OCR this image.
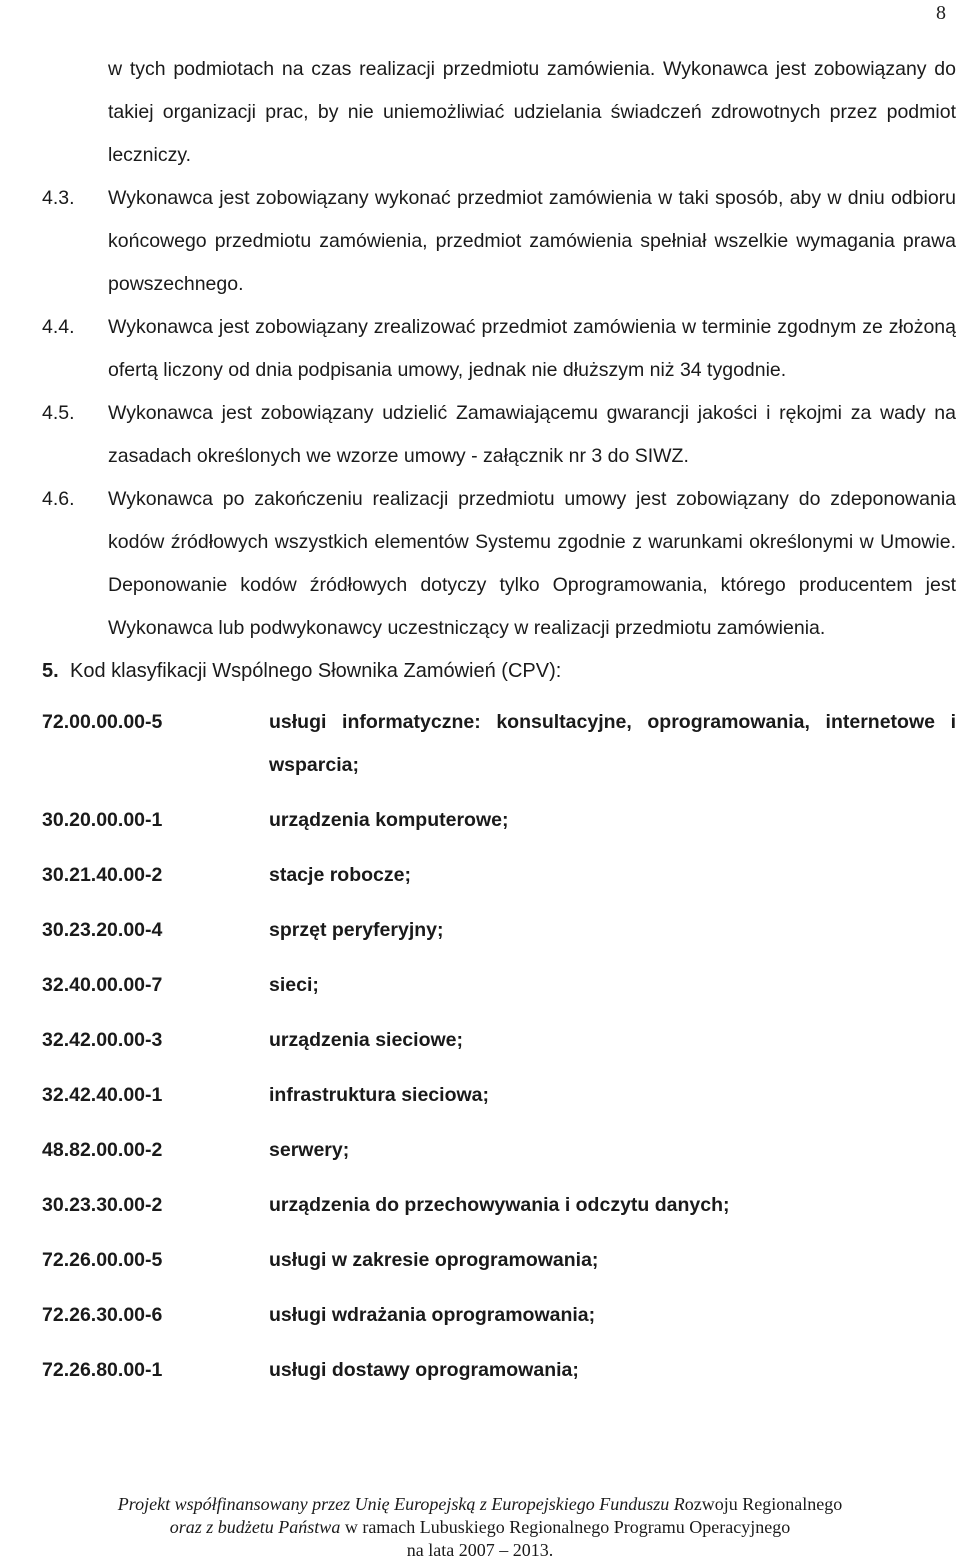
8
w tych podmiotach na czas realizacji przedmiotu zamówienia. Wykonawca jest zobowiązany do takiej organizacji prac, by nie uniemożliwiać udzielania świadczeń zdrowotnych przez podmiot leczniczy.
4.3.	Wykonawca jest zobowiązany wykonać przedmiot zamówienia w taki sposób, aby w dniu odbioru końcowego przedmiotu zamówienia, przedmiot zamówienia spełniał wszelkie wymagania prawa powszechnego.
4.4.	Wykonawca jest zobowiązany zrealizować przedmiot zamówienia w terminie zgodnym ze złożoną ofertą liczony od dnia podpisania umowy, jednak nie dłuższym niż 34 tygodnie.
4.5.	Wykonawca jest zobowiązany udzielić Zamawiającemu gwarancji jakości i rękojmi za wady na zasadach określonych we wzorze umowy - załącznik nr 3 do SIWZ.
4.6.	Wykonawca po zakończeniu realizacji przedmiotu umowy jest zobowiązany do zdeponowania kodów źródłowych wszystkich elementów Systemu zgodnie z warunkami określonymi w Umowie. Deponowanie kodów źródłowych dotyczy tylko Oprogramowania, którego producentem jest Wykonawca lub podwykonawcy uczestniczący w realizacji przedmiotu zamówienia.
5. Kod klasyfikacji Wspólnego Słownika Zamówień (CPV):
72.00.00.00-5	usługi informatyczne: konsultacyjne, oprogramowania, internetowe i wsparcia;
30.20.00.00-1	urządzenia komputerowe;
30.21.40.00-2	stacje robocze;
30.23.20.00-4	sprzęt peryferyjny;
32.40.00.00-7	sieci;
32.42.00.00-3	urządzenia sieciowe;
32.42.40.00-1	infrastruktura sieciowa;
48.82.00.00-2	serwery;
30.23.30.00-2	urządzenia do przechowywania i odczytu danych;
72.26.00.00-5	usługi w zakresie oprogramowania;
72.26.30.00-6	usługi wdrażania oprogramowania;
72.26.80.00-1	usługi dostawy oprogramowania;
Projekt współfinansowany przez Unię Europejską z Europejskiego Funduszu Rozwoju Regionalnego
oraz z budżetu Państwa w ramach Lubuskiego Regionalnego Programu Operacyjnego
na lata 2007 – 2013.
